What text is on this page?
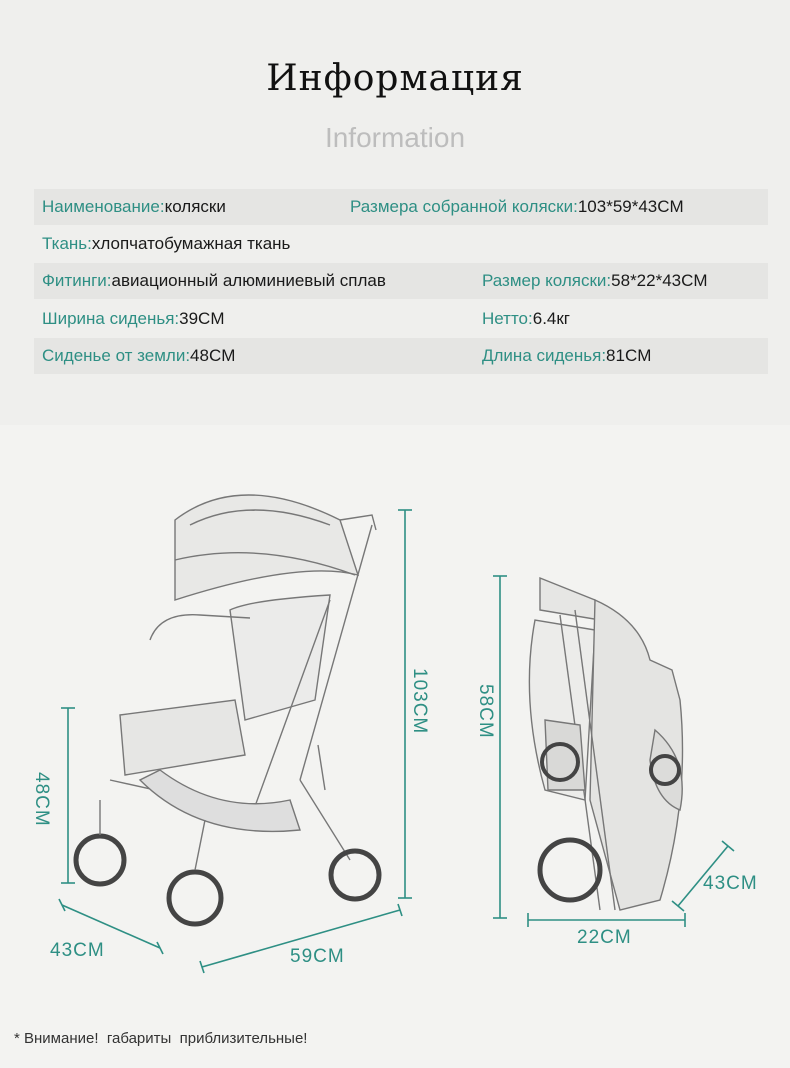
Информация
Information
Наименование:коляски	Размера собранной коляски:103*59*43CM
Ткань:хлопчатобумажная ткань
Фитинги:авиационный алюминиевый сплав	Размер коляски:58*22*43CM
Ширина сиденья:39CM	Нетто:6.4кг
Сиденье от земли:48CM	Длина сиденья:81CM
103CM
48CM
43CM	59CM
58CM
22CM
43CM
* Внимание!  габариты  приблизительные!
